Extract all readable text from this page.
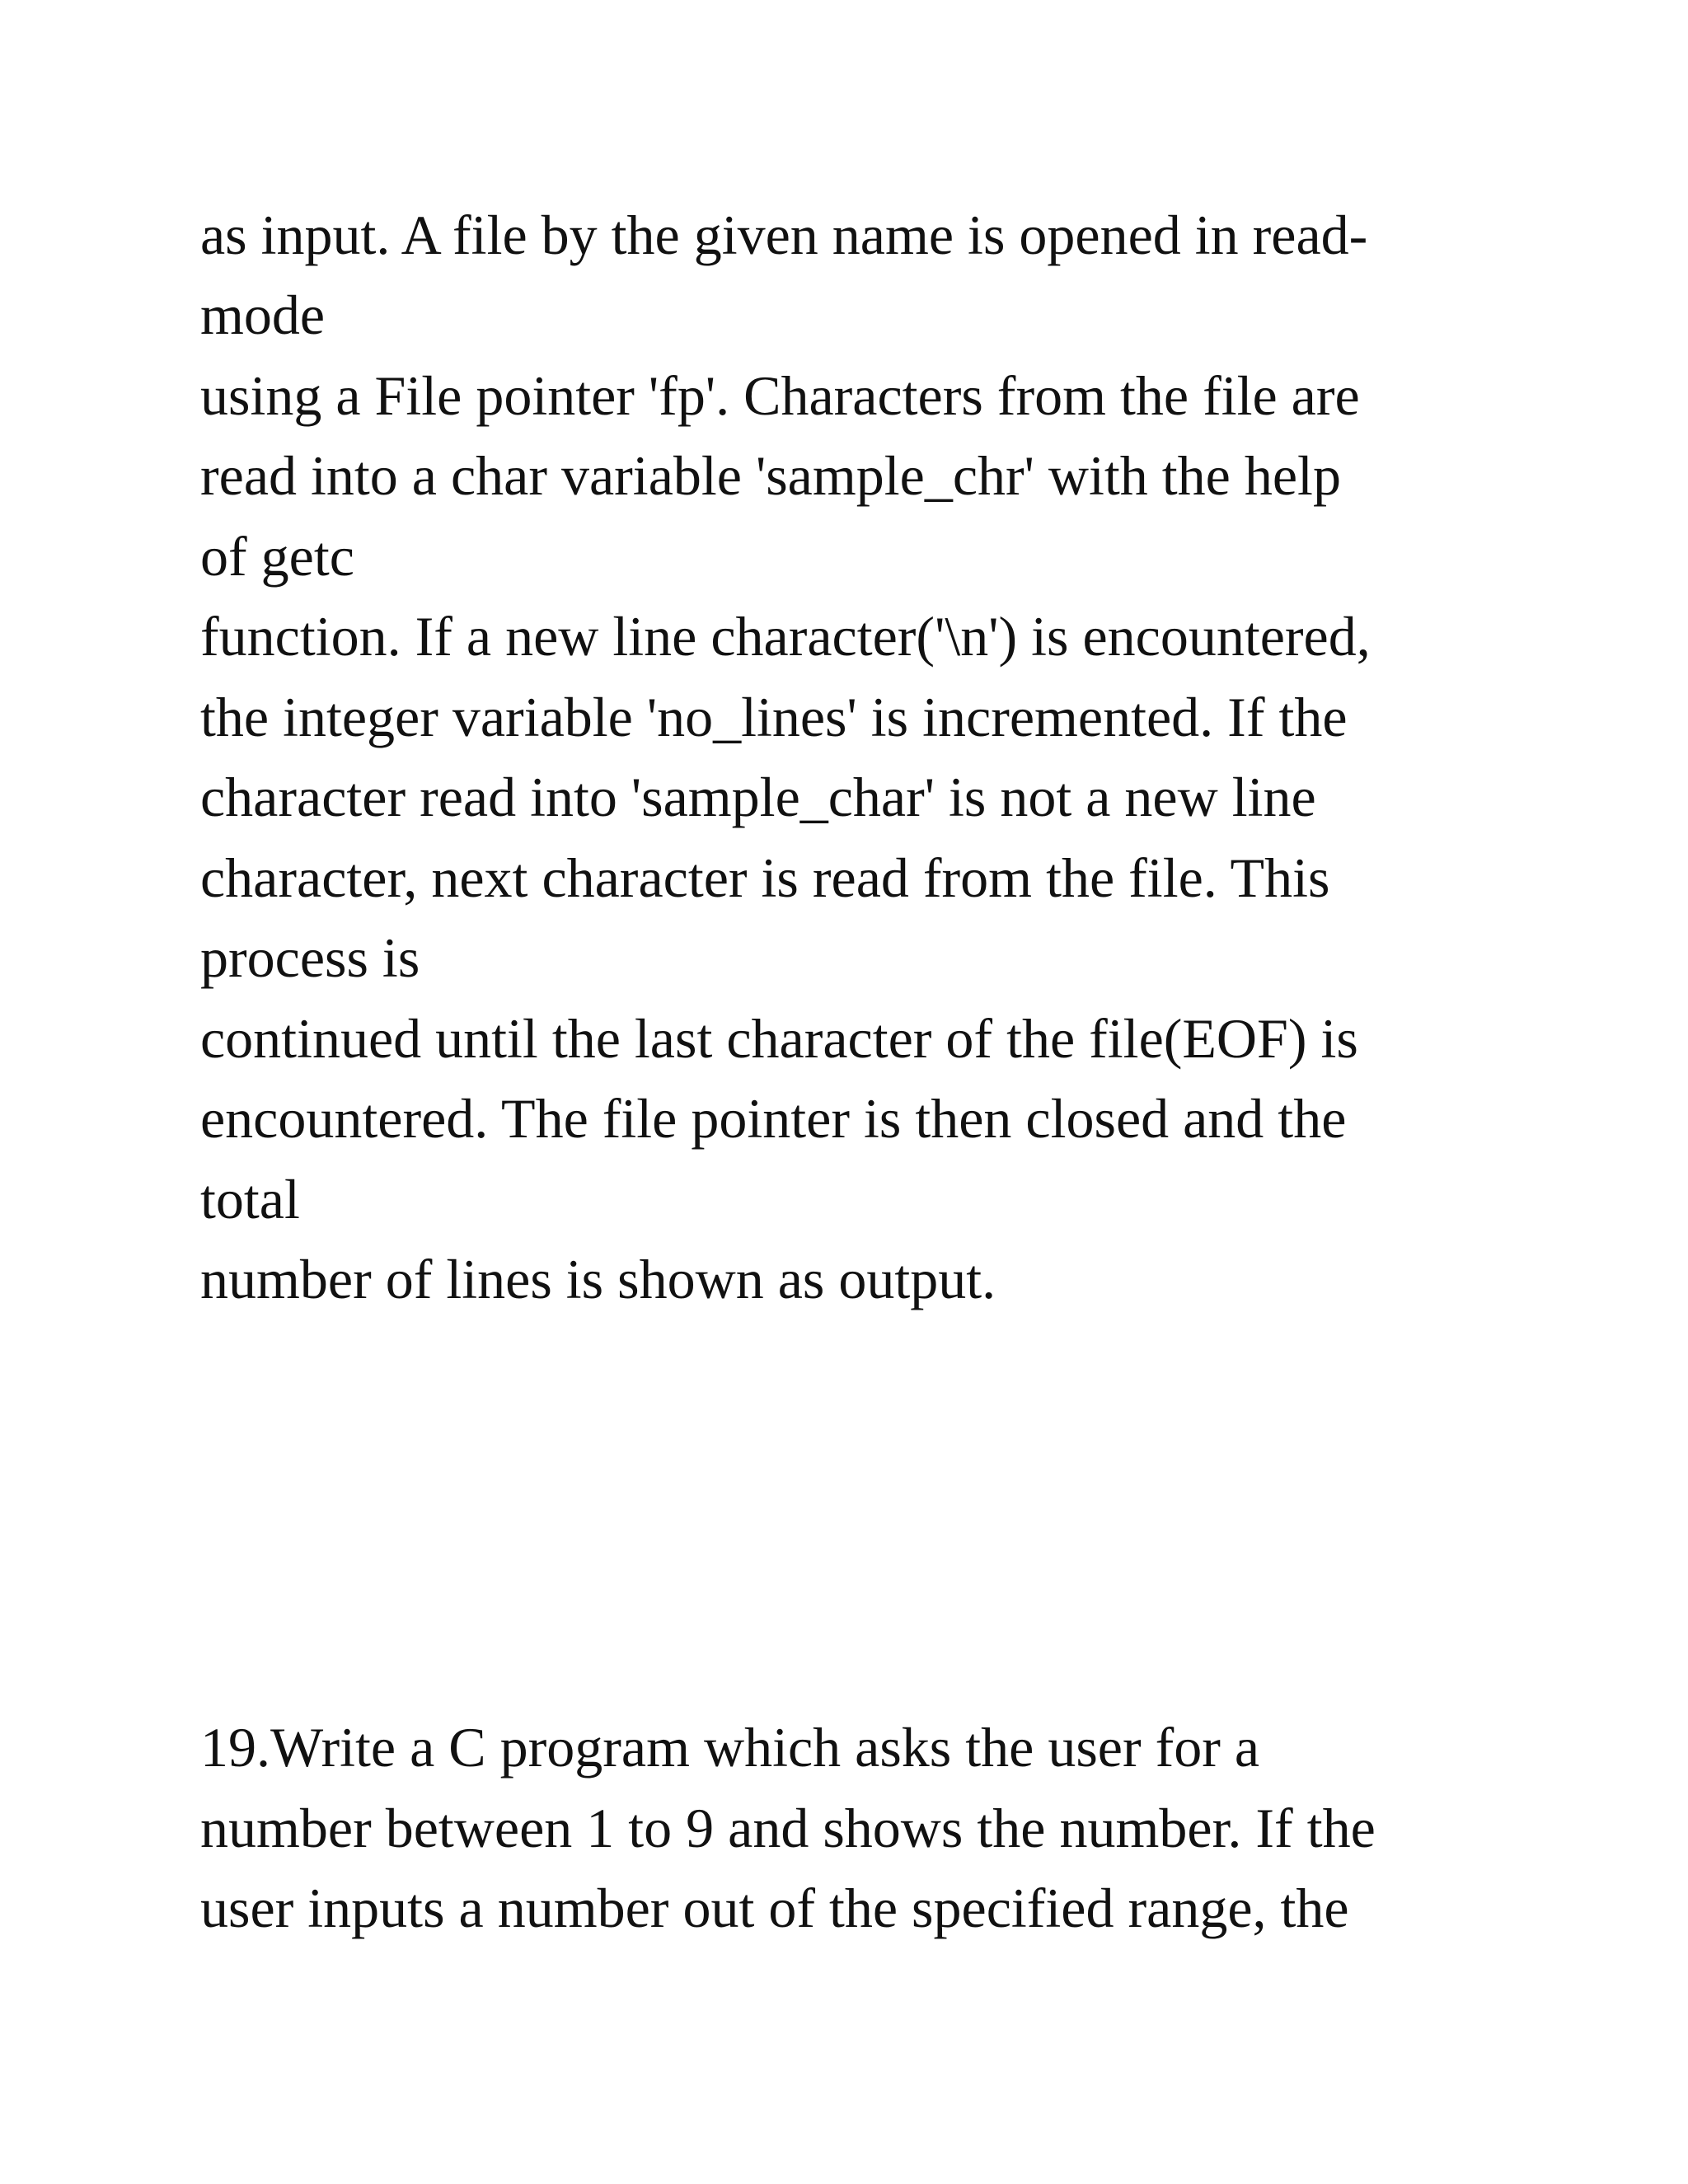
as input. A file by the given name is opened in read-

mode

using a File pointer 'fp'. Characters from the file are

read into a char variable 'sample_chr' with the help

of getc

function. If a new line character('\n') is encountered,

the integer variable 'no_lines' is incremented. If the

character read into 'sample_char' is not a new line

character, next character is read from the file. This

process is

continued until the last character of the file(EOF) is

encountered. The file pointer is then closed and the

total

number of lines is shown as output.

19.Write a C program which asks the user for a

number between 1 to 9 and shows the number. If the

user inputs a number out of the specified range, the
